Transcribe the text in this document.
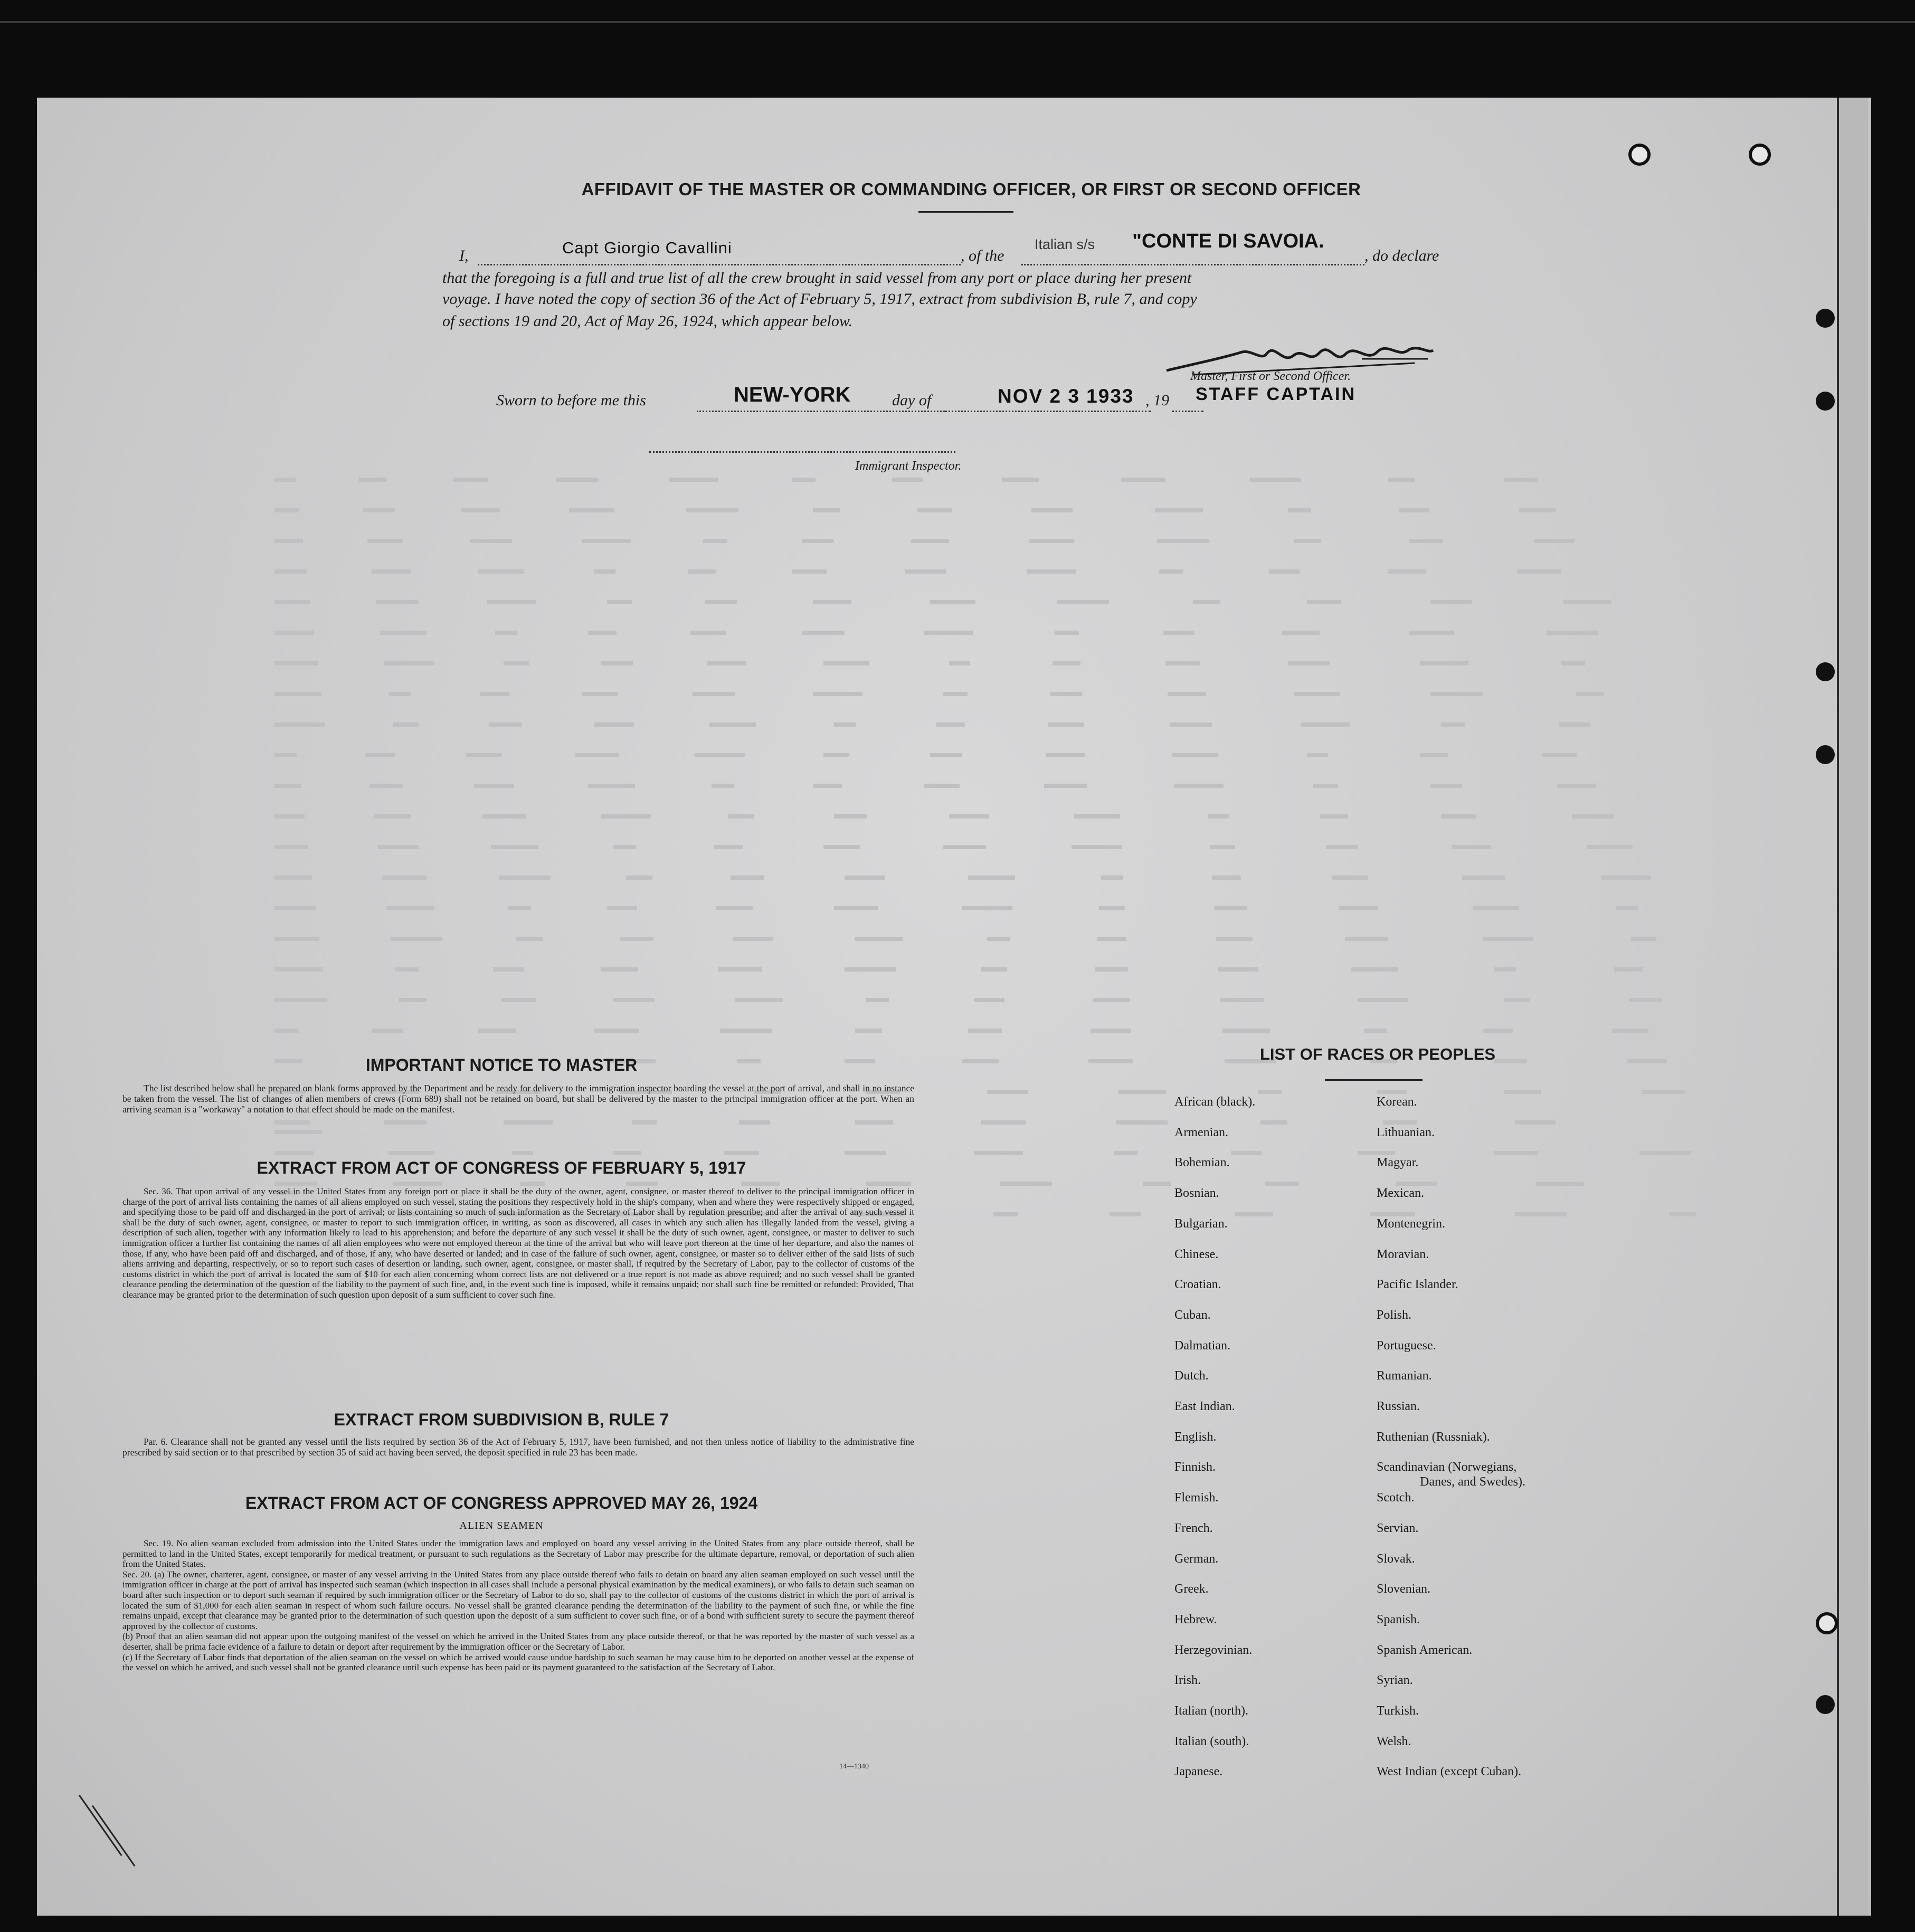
AFFIDAVIT OF THE MASTER OR COMMANDING OFFICER, OR FIRST OR SECOND OFFICER
I,	Capt Giorgio Cavallini	, of the
Italian s/s "CONTE DI SAVOIA.
, do declare
that the foregoing is a full and true list of all the crew brought in said vessel from any port or place during her present
voyage. I have noted the copy of section 36 of the Act of February 5, 1917, extract from subdivision B, rule 7, and copy
of sections 19 and 20, Act of May 26, 1924, which appear below.
Master, First or Second Officer.
STAFF CAPTAIN
Sworn to before me this	NEW-YORK	day of	NOV 2 3 1933 , 19
Immigrant Inspector.
IMPORTANT NOTICE TO MASTER
The list described below shall be prepared on blank forms approved by the Department and be ready for delivery to the immigration inspector boarding the vessel at the port of arrival, and shall in no instance be taken from the vessel. The list of changes of alien members of crews (Form 689) shall not be retained on board, but shall be delivered by the master to the principal immigration officer at the port. When an arriving seaman is a "workaway" a notation to that effect should be made on the manifest.
EXTRACT FROM ACT OF CONGRESS OF FEBRUARY 5, 1917
Sec. 36. That upon arrival of any vessel in the United States from any foreign port or place it shall be the duty of the owner, agent, consignee, or master thereof to deliver to the principal immigration officer in charge of the port of arrival lists containing the names of all aliens employed on such vessel, stating the positions they respectively hold in the ship's company, when and where they were respectively shipped or engaged, and specifying those to be paid off and discharged in the port of arrival; or lists containing so much of such information as the Secretary of Labor shall by regulation prescribe; and after the arrival of any such vessel it shall be the duty of such owner, agent, consignee, or master to report to such immigration officer, in writing, as soon as discovered, all cases in which any such alien has illegally landed from the vessel, giving a description of such alien, together with any information likely to lead to his apprehension; and before the departure of any such vessel it shall be the duty of such owner, agent, consignee, or master to deliver to such immigration officer a further list containing the names of all alien employees who were not employed thereon at the time of the arrival but who will leave port thereon at the time of her departure, and also the names of those, if any, who have been paid off and discharged, and of those, if any, who have deserted or landed; and in case of the failure of such owner, agent, consignee, or master so to deliver either of the said lists of such aliens arriving and departing, respectively, or so to report such cases of desertion or landing, such owner, agent, consignee, or master shall, if required by the Secretary of Labor, pay to the collector of customs of the customs district in which the port of arrival is located the sum of $10 for each alien concerning whom correct lists are not delivered or a true report is not made as above required; and no such vessel shall be granted clearance pending the determination of the question of the liability to the payment of such fine, and, in the event such fine is imposed, while it remains unpaid; nor shall such fine be remitted or refunded: Provided, That clearance may be granted prior to the determination of such question upon deposit of a sum sufficient to cover such fine.
EXTRACT FROM SUBDIVISION B, RULE 7
Par. 6. Clearance shall not be granted any vessel until the lists required by section 36 of the Act of February 5, 1917, have been furnished, and not then unless notice of liability to the administrative fine prescribed by said section or to that prescribed by section 35 of said act having been served, the deposit specified in rule 23 has been made.
EXTRACT FROM ACT OF CONGRESS APPROVED MAY 26, 1924
ALIEN SEAMEN
Sec. 19. No alien seaman excluded from admission into the United States under the immigration laws and employed on board any vessel arriving in the United States from any place outside thereof, shall be permitted to land in the United States, except temporarily for medical treatment, or pursuant to such regulations as the Secretary of Labor may prescribe for the ultimate departure, removal, or deportation of such alien from the United States.
Sec. 20. (a) The owner, charterer, agent, consignee, or master of any vessel arriving in the United States from any place outside thereof who fails to detain on board any alien seaman employed on such vessel until the immigration officer in charge at the port of arrival has inspected such seaman (which inspection in all cases shall include a personal physical examination by the medical examiners), or who fails to detain such seaman on board after such inspection or to deport such seaman if required by such immigration officer or the Secretary of Labor to do so, shall pay to the collector of customs of the customs district in which the port of arrival is located the sum of $1,000 for each alien seaman in respect of whom such failure occurs. No vessel shall be granted clearance pending the determination of the liability to the payment of such fine, or while the fine remains unpaid, except that clearance may be granted prior to the determination of such question upon the deposit of a sum sufficient to cover such fine, or of a bond with sufficient surety to secure the payment thereof approved by the collector of customs.
(b) Proof that an alien seaman did not appear upon the outgoing manifest of the vessel on which he arrived in the United States from any place outside thereof, or that he was reported by the master of such vessel as a deserter, shall be prima facie evidence of a failure to detain or deport after requirement by the immigration officer or the Secretary of Labor.
(c) If the Secretary of Labor finds that deportation of the alien seaman on the vessel on which he arrived would cause undue hardship to such seaman he may cause him to be deported on another vessel at the expense of the vessel on which he arrived, and such vessel shall not be granted clearance until such expense has been paid or its payment guaranteed to the satisfaction of the Secretary of Labor.
14—1340
LIST OF RACES OR PEOPLES
African (black).
Armenian.
Bohemian.
Bosnian.
Bulgarian.
Chinese.
Croatian.
Cuban.
Dalmatian.
Dutch.
East Indian.
English.
Finnish.
Flemish.
French.
German.
Greek.
Hebrew.
Herzegovinian.
Irish.
Italian (north).
Italian (south).
Japanese.
Korean.
Lithuanian.
Magyar.
Mexican.
Montenegrin.
Moravian.
Pacific Islander.
Polish.
Portuguese.
Rumanian.
Russian.
Ruthenian (Russniak).
Scandinavian (Norwegians,
Danes, and Swedes).
Scotch.
Servian.
Slovak.
Slovenian.
Spanish.
Spanish American.
Syrian.
Turkish.
Welsh.
West Indian (except Cuban).
